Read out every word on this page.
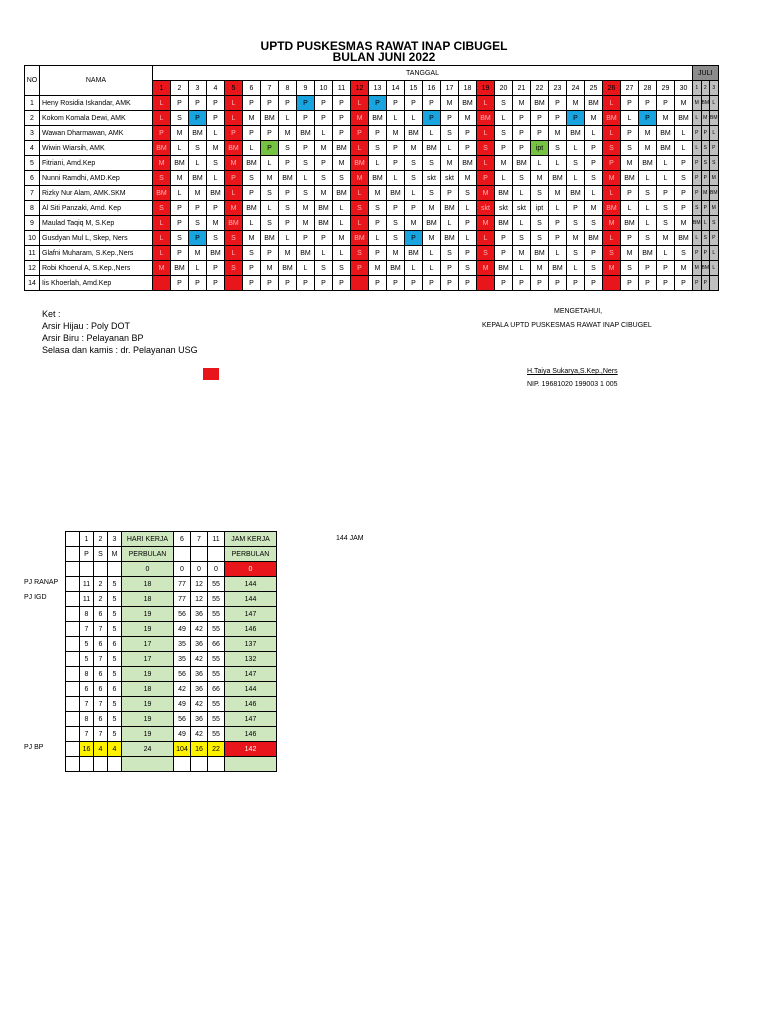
UPTD PUSKESMAS RAWAT INAP CIBUGEL
BULAN JUNI 2022
NO	NAMA	TANGGAL																														JULI		
		1	2	3	4	5	6	7	8	9	10	11	12	13	14	15	16	17	18	19	20	21	22	23	24	25	26	27	28	29	30	1	2	3
1	Heny Rosidia Iskandar, AMK	L	P	P	P	L	P	P	P	P	P	P	L	P	P	P	P	M	BM	L	S	M	BM	P	M	BM	L	P	P	P	M	M	BM	L
2	Kokom Komala Dewi, AMK	L	S	P	P	L	M	BM	L	P	P	P	M	BM	L	L	P	P	M	BM	L	P	P	P	P	M	BM	L	P	M	BM	L	M	BM
3	Wawan Dharmawan, AMK	P	M	BM	L	P	P	P	M	BM	L	P	P	P	M	BM	L	S	P	L	S	P	P	M	BM	L	L	P	M	BM	L	P	P	L
4	Wiwin Wiarsih, AMK	BM	L	S	M	BM	L	P	S	P	M	BM	L	S	P	M	BM	L	P	S	P	P	ipt	S	L	P	S	S	M	BM	L	L	S	P
5	Fitriani, Amd.Kep	M	BM	L	S	M	BM	L	P	S	P	M	BM	L	P	S	S	M	BM	L	M	BM	L	L	S	P	P	M	BM	L	P	P	S	S
6	Nunni Ramdhi, AMD.Kep	S	M	BM	L	P	S	M	BM	L	S	S	M	BM	L	S	skt	skt	M	P	L	S	M	BM	L	S	M	BM	L	L	S	P	P	M
7	Rizky Nur Alam, AMK.SKM	BM	L	M	BM	L	P	S	P	S	M	BM	L	M	BM	L	S	P	S	M	BM	L	S	M	BM	L	L	P	S	P	P	P	M	BM
8	Al Siti Panzaki, Amd. Kep	S	P	P	P	M	BM	L	S	M	BM	L	S	S	P	P	M	BM	L	skt	skt	skt	ipt	L	P	M	BM	L	L	S	P	S	P	M
9	Maulad Taqiq M, S.Kep	L	P	S	M	BM	L	S	P	M	BM	L	L	P	S	M	BM	L	P	M	BM	L	S	P	S	S	M	BM	L	S	M	BM	L	S
10	Gusdyan Mul L, Skep, Ners	L	S	P	S	S	M	BM	L	P	P	M	BM	L	S	P	M	BM	L	L	P	S	S	P	M	BM	L	P	S	M	BM	L	S	P
11	Glafni Muharam, S.Kep.,Ners	L	P	M	BM	L	S	P	M	BM	L	L	S	P	M	BM	L	S	P	S	P	M	BM	L	S	P	S	M	BM	L	S	P	P	L
12	Robi Khoerul A, S.Kep.,Ners	M	BM	L	P	S	P	M	BM	L	S	S	P	M	BM	L	L	P	S	M	BM	L	M	BM	L	S	M	S	P	P	M	M	BM	L
14	Iis Khoerlah, Amd.Kep		P	P	P		P	P	P	P	P	P		P	P	P	P	P	P		P	P	P	P	P	P		P	P	P	P	P	P	
Ket :
Arsir Hijau : Poly DOT
Arsir Biru : Pelayanan BP
Selasa dan kamis : dr. Pelayanan USG
MENGETAHUI,
KEPALA UPTD PUSKESMAS RAWAT INAP CIBUGEL
H.Taiya Sukarya,S.Kep.,Ners
NIP. 19681020 199003 1 005
	1	2	3	HARI KERJA	6	7	11	JAM KERJA
	P	S	M	PERBULAN				PERBULAN
				0	0	0	0	0
	11	2	5	18	77	12	55	144
	11	2	5	18	77	12	55	144
	8	6	5	19	56	36	55	147
	7	7	5	19	49	42	55	146
	5	6	6	17	35	36	66	137
	5	7	5	17	35	42	55	132
	8	6	5	19	56	36	55	147
	6	6	6	18	42	36	66	144
	7	7	5	19	49	42	55	146
	8	6	5	19	56	36	55	147
	7	7	5	19	49	42	55	146
	16	4	4	24	104	16	22	142

144 JAM
PJ RANAP
PJ IGD
PJ BP
